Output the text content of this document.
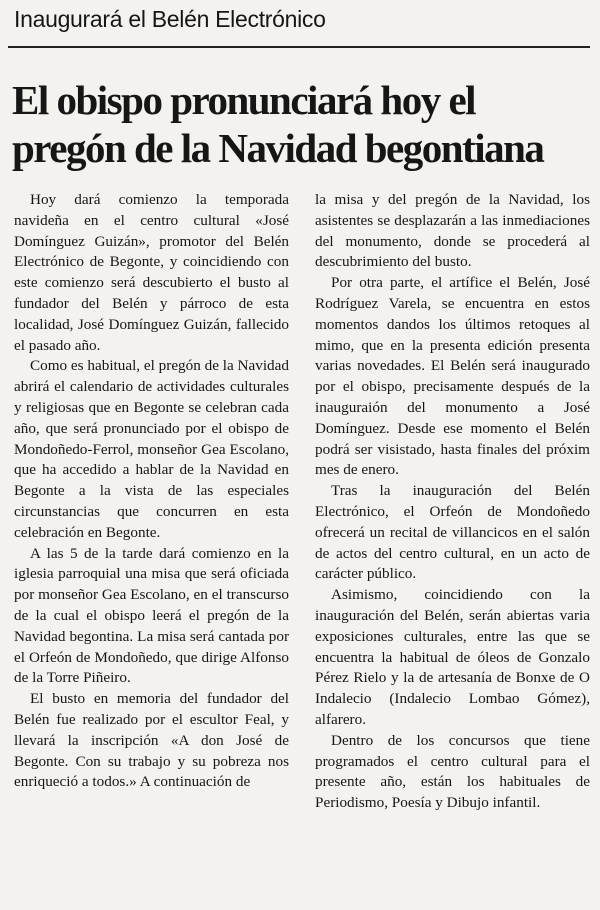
Inaugurará el Belén Electrónico
El obispo pronunciará hoy el
pregón de la Navidad begontiana

Hoy dará comienzo la temporada navideña en el centro cultural «José Domínguez Guizán», promotor del Belén Electrónico de Begonte, y coincidiendo con este comienzo será descubierto el busto al fundador del Belén y párroco de esta localidad, José Domínguez Guizán, fallecido el pasado año.

Como es habitual, el pregón de la Navidad abrirá el calendario de actividades culturales y religiosas que en Begonte se celebran cada año, que será pronunciado por el obispo de Mondoñedo-Ferrol, monseñor Gea Escolano, que ha accedido a hablar de la Navidad en Begonte a la vista de las especiales circunstancias que concurren en esta celebración en Begonte.

A las 5 de la tarde dará comienzo en la iglesia parroquial una misa que será oficiada por monseñor Gea Escolano, en el transcurso de la cual el obispo leerá el pregón de la Navidad begontina. La misa será cantada por el Orfeón de Mondoñedo, que dirige Alfonso de la Torre Piñeiro.

El busto en memoria del fundador del Belén fue realizado por el escultor Feal, y llevará la inscripción «A don José de Begonte. Con su trabajo y su pobreza nos enriqueció a todos.» A continuación de

la misa y del pregón de la Navidad, los asistentes se desplazarán a las inmediaciones del monumento, donde se procederá al descubrimiento del busto.

Por otra parte, el artífice el Belén, José Rodríguez Varela, se encuentra en estos momentos dandos los últimos retoques al mimo, que en la presenta edición presenta varias novedades. El Belén será inaugurado por el obispo, precisamente después de la inauguraión del monumento a José Domínguez. Desde ese momento el Belén podrá ser visistado, hasta finales del próxim mes de enero.

Tras la inauguración del Belén Electrónico, el Orfeón de Mondoñedo ofrecerá un recital de villancicos en el salón de actos del centro cultural, en un acto de carácter público.

Asimismo, coincidiendo con la inauguración del Belén, serán abiertas varia exposiciones culturales, entre las que se encuentra la habitual de óleos de Gonzalo Pérez Rielo y la de artesanía de Bonxe de O Indalecio (Indalecio Lombao Gómez), alfarero.

Dentro de los concursos que tiene programados el centro cultural para el presente año, están los habituales de Periodismo, Poesía y Dibujo infantil.
